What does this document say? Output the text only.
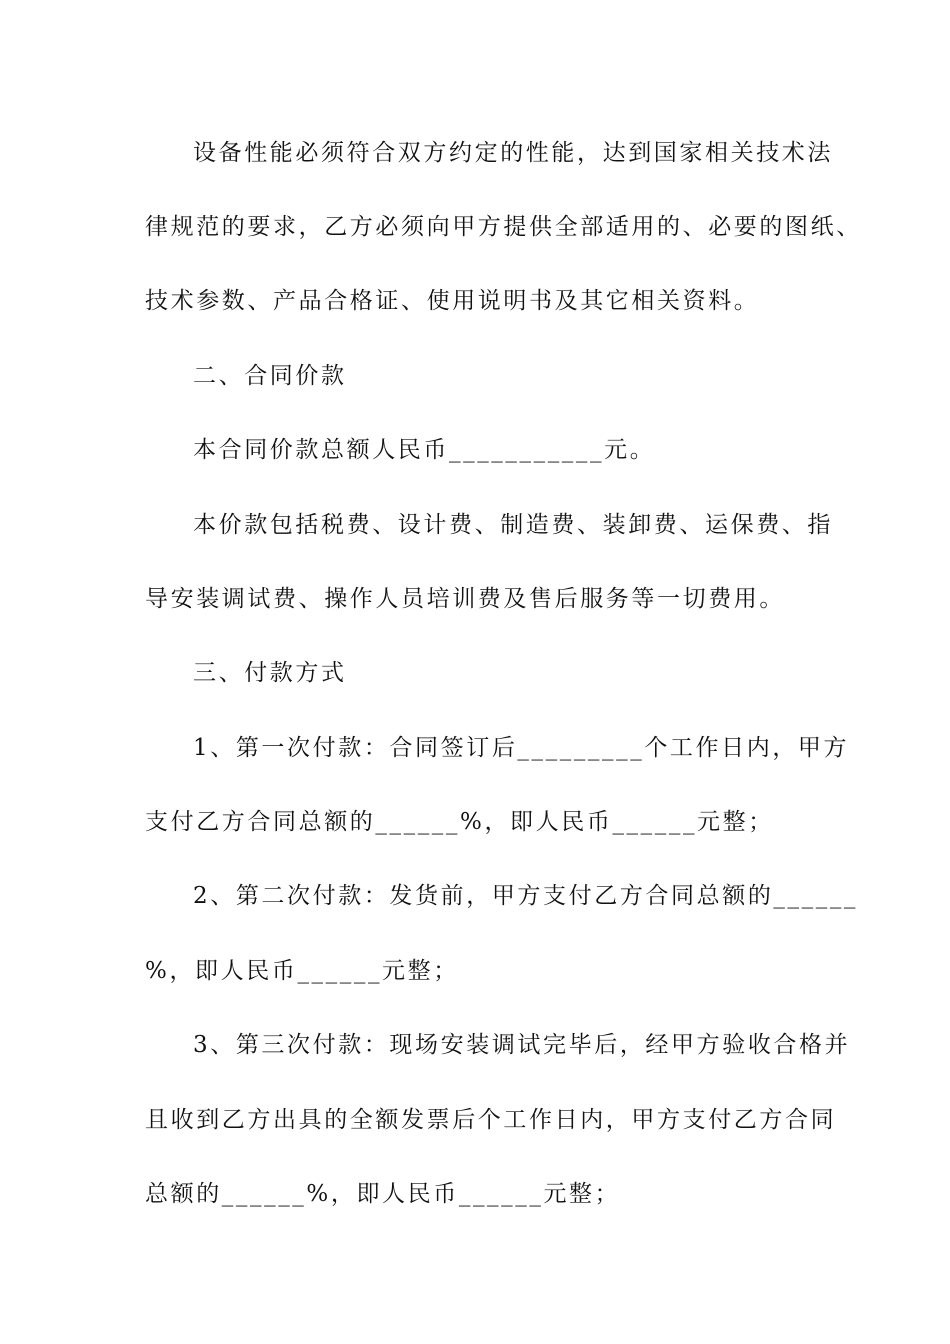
设备性能必须符合双方约定的性能，达到国家相关技术法
律规范的要求，乙方必须向甲方提供全部适用的、必要的图纸、
技术参数、产品合格证、使用说明书及其它相关资料。
二、合同价款
本合同价款总额人民币___________元。
本价款包括税费、设计费、制造费、装卸费、运保费、指
导安装调试费、操作人员培训费及售后服务等一切费用。
三、付款方式
1、第一次付款：合同签订后_________个工作日内，甲方
支付乙方合同总额的______%，即人民币______元整；
2、第二次付款：发货前，甲方支付乙方合同总额的______
%，即人民币______元整；
3、第三次付款：现场安装调试完毕后，经甲方验收合格并
且收到乙方出具的全额发票后个工作日内，甲方支付乙方合同
总额的______%，即人民币______元整；
